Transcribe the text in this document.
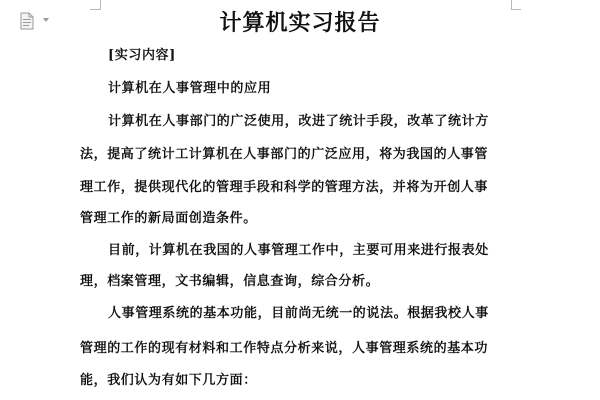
计算机实习报告
[实习内容]
计算机在人事管理中的应用
计算机在人事部门的广泛使用，改进了统计手段，改革了统计方
法，提高了统计工计算机在人事部门的广泛应用，将为我国的人事管
理工作，提供现代化的管理手段和科学的管理方法，并将为开创人事
管理工作的新局面创造条件。
目前，计算机在我国的人事管理工作中，主要可用来进行报表处
理，档案管理，文书编辑，信息查询，综合分析。
人事管理系统的基本功能，目前尚无统一的说法。根据我校人事
管理的工作的现有材料和工作特点分析来说，人事管理系统的基本功
能，我们认为有如下几方面：
